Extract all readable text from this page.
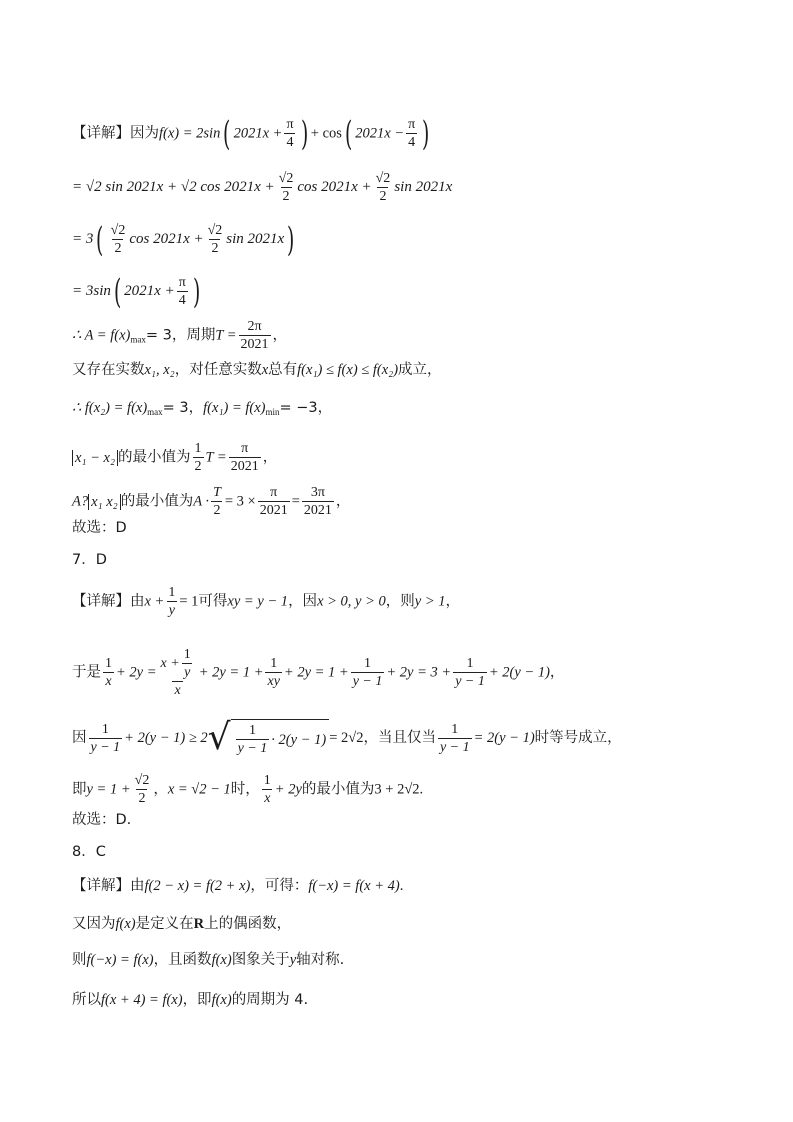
【详解】因为f(x) = 2sin( $2021x + \frac{\pi}{4}$ ) + cos( $2021x - \frac{\pi}{4}$ )
= √2 sin 2021x + √2 $\cos 2021x + \frac{√2}{2}$ $\cos 2021x + \frac{√2}{2}$ sin 2021x
= $3( \frac{√2}{2}$ $\cos 2021x + \frac{√2}{2}$ sin 2021x)
= 3sin( $2021x + \frac{\pi}{4}$ )
∴ $A = f(x)_{max}= 3$，周期$T = \frac{2\pi}{2021}$ ，
又存在实数x₁, x₂，对任意实数x总有f(x₁) ≤ f(x) ≤ f(x₂)成立，
∴ $f(x_2) = f(x)_{max}= 3$，$f(x_1) = f(x)_{min}= -3$，
x₁ − x₂ 的最小值为 $\frac{1}{2}$ $T = \frac{\pi}{2021}$ ，
A? x₁ x₂ 的最小值为$A \cdot \frac{T}{2} = 3 \times \frac{\pi}{2021} = \frac{3\pi}{2021}$ ，
故选：D
7．D
【详解】由$x + \frac{1}{y} = 1$可得xy = y − 1，因x > 0, y > 0，则y > 1，
于是 $\frac{1}{x} + 2y = \frac{x + \frac{1}{y}}{x} + 2y = 1 + \frac{1}{xy} + 2y = 1 + \frac{1}{y - 1} + 2y = 3 + \frac{1}{y - 1} + 2(y - 1)$，
因 $\frac{1}{y - 1} + 2(y - 1) \ge 2$ √ $\frac{1}{y - 1} \cdot 2(y - 1) = 2√2$，当且仅当 $\frac{1}{y - 1} = 2(y - 1)$时等号成立，
即$y = 1 + \frac{√2}{2}$ ，x = √2 − 1时， $\frac{1}{x} + 2y$的最小值为3 + 2√2.
故选：D.
8．C
【详解】由f(2 − x) = f(2 + x)，可得：f(−x) = f(x + 4).
又因为f(x)是定义在R上的偶函数，
则f(−x) = f(x)，且函数f(x)图象关于y轴对称.
所以f(x + 4) = f(x)，即f(x)的周期为 4.
